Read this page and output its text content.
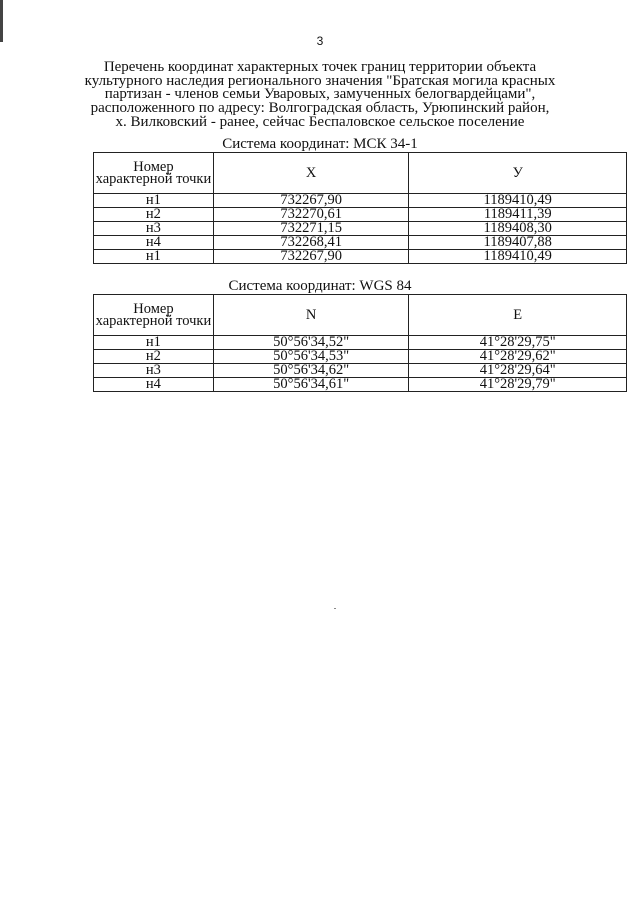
3
Перечень координат характерных точек границ территории объекта
культурного наследия регионального значения "Братская могила красных
партизан - членов семьи Уваровых, замученных белогвардейцами",
расположенного по адресу: Волгоградская область, Урюпинский район,
х. Вилковский - ранее, сейчас Беспаловское сельское поселение
Система координат: МСК 34-1
Номер характерной точки	X	У
н1	732267,90	1189410,49
н2	732270,61	1189411,39
н3	732271,15	1189408,30
н4	732268,41	1189407,88
н1	732267,90	1189410,49
Система координат: WGS 84
Номер характерной точки	N	E
н1	50°56'34,52"	41°28'29,75"
н2	50°56'34,53"	41°28'29,62"
н3	50°56'34,62"	41°28'29,64"
н4	50°56'34,61"	41°28'29,79"
